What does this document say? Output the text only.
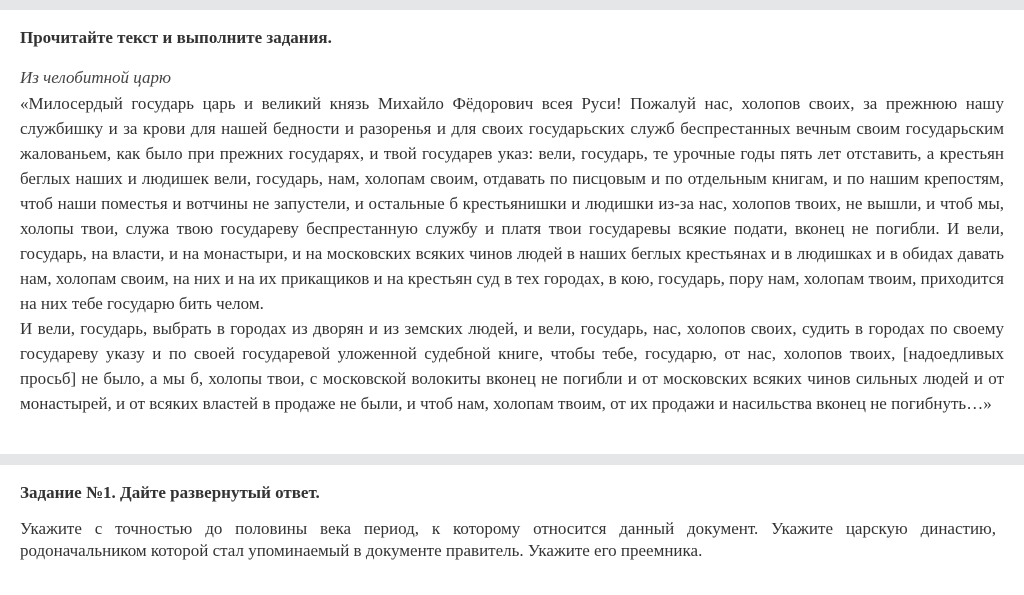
Прочитайте текст и выполните задания.
Из челобитной царю

«Милосердый государь царь и великий князь Михайло Фёдорович всея Руси! Пожалуй нас, холопов своих, за прежнюю нашу службишку и за крови для нашей бедности и разоренья и для своих государьских служб беспрестанных вечным своим государьским жалованьем, как было при прежних государях, и твой государев указ: вели, государь, те урочные годы пять лет отставить, а крестьян беглых наших и людишек вели, государь, нам, холопам своим, отдавать по писцовым и по отдельным книгам, и по нашим крепостям, чтоб наши поместья и вотчины не запустели, и остальные б крестьянишки и людишки из-за нас, холопов твоих, не вышли, и чтоб мы, холопы твои, служа твою государеву беспрестанную службу и платя твои государевы всякие подати, вконец не погибли. И вели, государь, на власти, и на монастыри, и на московских всяких чинов людей в наших беглых крестьянах и в людишках и в обидах давать нам, холопам своим, на них и на их прикащиков и на крестьян суд в тех городах, в кою, государь, пору нам, холопам твоим, приходится на них тебе государю бить челом.

И вели, государь, выбрать в городах из дворян и из земских людей, и вели, государь, нас, холопов своих, судить в городах по своему государеву указу и по своей государевой уложенной судебной книге, чтобы тебе, государю, от нас, холопов твоих, [надоедливых просьб] не было, а мы б, холопы твои, с московской волокиты вконец не погибли и от московских всяких чинов сильных людей и от монастырей, и от всяких властей в продаже не были, и чтоб нам, холопам твоим, от их продажи и насильства вконец не погибнуть…»

Задание №1. Дайте развернутый ответ.

Укажите с точностью до половины века период, к которому относится данный документ. Укажите царскую династию, родоначальником которой стал упоминаемый в документе правитель. Укажите его преемника.
